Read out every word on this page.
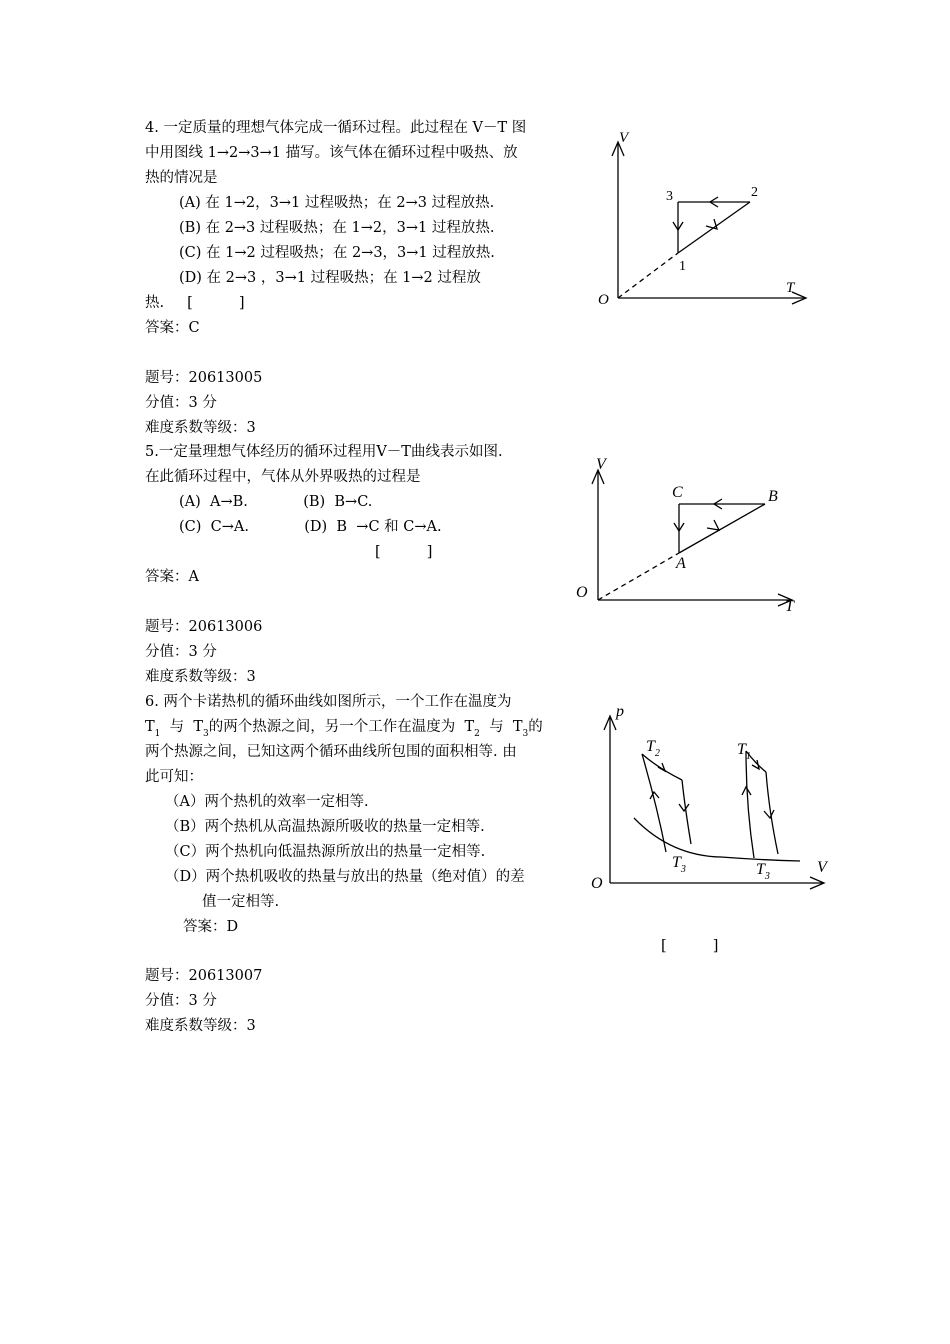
4. 一定质量的理想气体完成一循环过程。此过程在 V－T 图
中用图线 1→2→3→1 描写。该气体在循环过程中吸热、放
热的情况是
(A) 在 1→2，3→1 过程吸热；在 2→3 过程放热.
(B) 在 2→3 过程吸热；在 1→2，3→1 过程放热.
(C) 在 1→2 过程吸热；在 2→3，3→1 过程放热.
(D) 在 2→3 ，3→1 过程吸热；在 1→2 过程放
热.     [          ]
答案：C
题号：20613005
分值：3 分
难度系数等级：3
5.一定量理想气体经历的循环过程用V－T曲线表示如图.
在此循环过程中，气体从外界吸热的过程是
(A)  A→B.            (B)  B→C.
(C)  C→A.            (D)  B  →C 和 C→A.
[          ]
答案：A
题号：20613006
分值：3 分
难度系数等级：3
6. 两个卡诺热机的循环曲线如图所示，一个工作在温度为
$T_1$  与  $T_3$的两个热源之间，另一个工作在温度为  $T_2$  与  $T_3$的
两个热源之间，已知这两个循环曲线所包围的面积相等. 由
此可知：
（A）两个热机的效率一定相等.
（B）两个热机从高温热源所吸收的热量一定相等.
（C）两个热机向低温热源所放出的热量一定相等.
（D）两个热机吸收的热量与放出的热量（绝对值）的差
值一定相等.
答案：D
[          ]
题号：20613007
分值：3 分
难度系数等级：3
V
T
O
1
2
3
V
T
O
A
B
C
p
V
O
$T_2$	$T_1$
$T_3$	$T_3$
